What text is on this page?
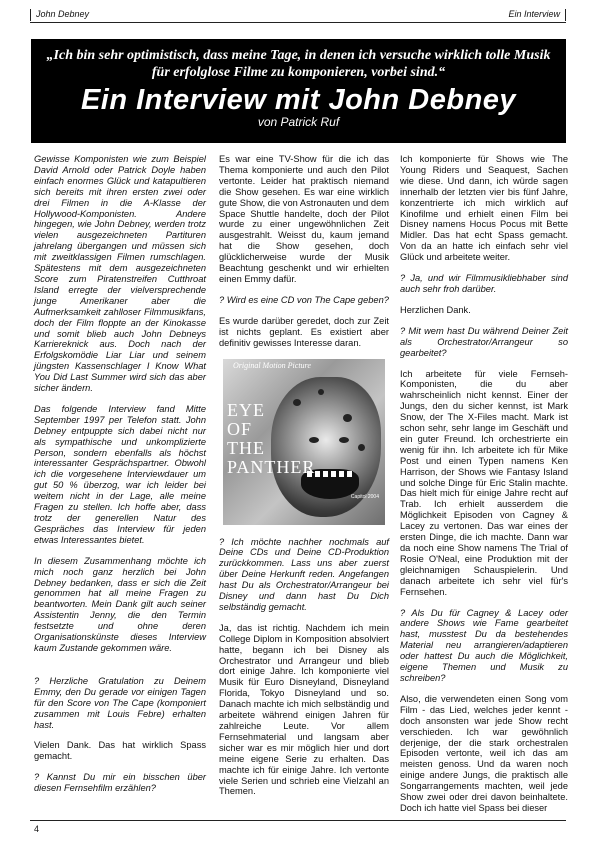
John Debney	Ein Interview
„Ich bin sehr optimistisch, dass meine Tage, in denen ich versuche wirklich tolle Musik für erfolglose Filme zu komponieren, vorbei sind.“
Ein Interview mit John Debney
von Patrick Ruf

Gewisse Komponisten wie zum Beispiel David Arnold oder Patrick Doyle haben einfach enormes Glück und katapultieren sich bereits mit ihren ersten zwei oder drei Filmen in die A-Klasse der Hollywood-Komponisten. Andere hingegen, wie John Debney, werden trotz vielen ausgezeichneten Partituren jahrelang übergangen und müssen sich mit zweitklassigen Filmen rumschlagen. Spätestens mit dem ausgezeichneten Score zum Piratenstreifen Cutthroat Island erregte der vielversprechende junge Amerikaner aber die Aufmerksamkeit zahlloser Filmmusikfans, doch der Film floppte an der Kinokasse und somit blieb auch John Debneys Karriereknick aus. Doch nach der Erfolgskomödie Liar Liar und seinem jüngsten Kassenschlager I Know What You Did Last Summer wird sich das aber sicher ändern.

Das folgende Interview fand Mitte September 1997 per Telefon statt. John Debney entpuppte sich dabei nicht nur als sympathische und unkomplizierte Person, sondern ebenfalls als höchst interessanter Gesprächspartner. Obwohl ich die vorgesehene Interviewdauer um gut 50 % überzog, war ich leider bei weitem nicht in der Lage, alle meine Fragen zu stellen. Ich hoffe aber, dass trotz der generellen Natur des Gespräches das Interview für jeden etwas Interessantes bietet.

In diesem Zusammenhang möchte ich mich noch ganz herzlich bei John Debney bedanken, dass er sich die Zeit genommen hat all meine Fragen zu beantworten. Mein Dank gilt auch seiner Assistentin Jenny, die den Termin festsetzte und ohne deren Organisationskünste dieses Interview kaum Zustande gekommen wäre.

? Herzliche Gratulation zu Deinem Emmy, den Du gerade vor einigen Tagen für den Score von The Cape (komponiert zusammen mit Louis Febre) erhalten hast.

Vielen Dank. Das hat wirklich Spass gemacht.

? Kannst Du mir ein bisschen über diesen Fernsehfilm erzählen?

Es war eine TV-Show für die ich das Thema komponierte und auch den Pilot vertonte. Leider hat praktisch niemand die Show gesehen. Es war eine wirklich gute Show, die von Astronauten und dem Space Shuttle handelte, doch der Pilot wurde zu einer ungewöhnlichen Zeit ausgestrahlt. Weisst du, kaum jemand hat die Show gesehen, doch glücklicherweise wurde der Musik Beachtung geschenkt und wir erhielten einen Emmy dafür.

? Wird es eine CD von The Cape geben?

Es wurde darüber geredet, doch zur Zeit ist nichts geplant. Es existiert aber definitiv gewisses Interesse daran.

Original Motion Picture
EYE
OF
THE
PANTHER
Capitol 2004

? Ich möchte nachher nochmals auf Deine CDs und Deine CD-Produktion zurückkommen. Lass uns aber zuerst über Deine Herkunft reden. Angefangen hast Du als Orchestrator/Arrangeur bei Disney und dann hast Du Dich selbständig gemacht.

Ja, das ist richtig. Nachdem ich mein College Diplom in Komposition absolviert hatte, begann ich bei Disney als Orchestrator und Arrangeur und blieb dort einige Jahre. Ich komponierte viel Musik für Euro Disneyland, Disneyland Florida, Tokyo Disneyland und so. Danach machte ich mich selbständig und arbeitete während einigen Jahren für zahlreiche Leute. Vor allem Fernsehmaterial und langsam aber sicher war es mir möglich hier und dort meine eigene Serie zu erhalten. Das machte ich für einige Jahre. Ich vertonte viele Serien und schrieb eine Vielzahl an Themen.

Ich komponierte für Shows wie The Young Riders und Seaquest, Sachen wie diese. Und dann, ich würde sagen innerhalb der letzten vier bis fünf Jahre, konzentrierte ich mich wirklich auf Kinofilme und erhielt einen Film bei Disney namens Hocus Pocus mit Bette Midler. Das hat echt Spass gemacht. Von da an hatte ich einfach sehr viel Glück und arbeitete weiter.

? Ja, und wir Filmmusikliebhaber sind auch sehr froh darüber.

Herzlichen Dank.

? Mit wem hast Du während Deiner Zeit als Orchestrator/Arrangeur so gearbeitet?

Ich arbeitete für viele Fernseh-Komponisten, die du aber wahrscheinlich nicht kennst. Einer der Jungs, den du sicher kennst, ist Mark Snow, der The X-Files macht. Mark ist schon sehr, sehr lange im Geschäft und ein guter Freund. Ich orchestrierte ein wenig für ihn. Ich arbeitete ich für Mike Post und einen Typen namens Ken Harrison, der Shows wie Fantasy Island und solche Dinge für Eric Stalin machte. Das hielt mich für einige Jahre recht auf Trab. Ich erhielt ausserdem die Möglichkeit Episoden von Cagney & Lacey zu vertonen. Das war eines der ersten Dinge, die ich machte. Dann war da noch eine Show namens The Trial of Rosie O'Neal, eine Produktion mit der gleichnamigen Schauspielerin. Und danach arbeitete ich sehr viel für's Fernsehen.

? Als Du für Cagney & Lacey oder andere Shows wie Fame gearbeitet hast, musstest Du da bestehendes Material neu arrangieren/adaptieren oder hattest Du auch die Möglichkeit, eigene Themen und Musik zu schreiben?

Also, die verwendeten einen Song vom Film - das Lied, welches jeder kennt - doch ansonsten war jede Show recht verschieden. Ich war gewöhnlich derjenige, der die stark orchestralen Episoden vertonte, weil ich das am meisten genoss. Und da waren noch einige andere Jungs, die praktisch alle Songarrangements machten, weil jede Show zwei oder drei davon beinhaltete. Doch ich hatte viel Spass bei dieser

4
